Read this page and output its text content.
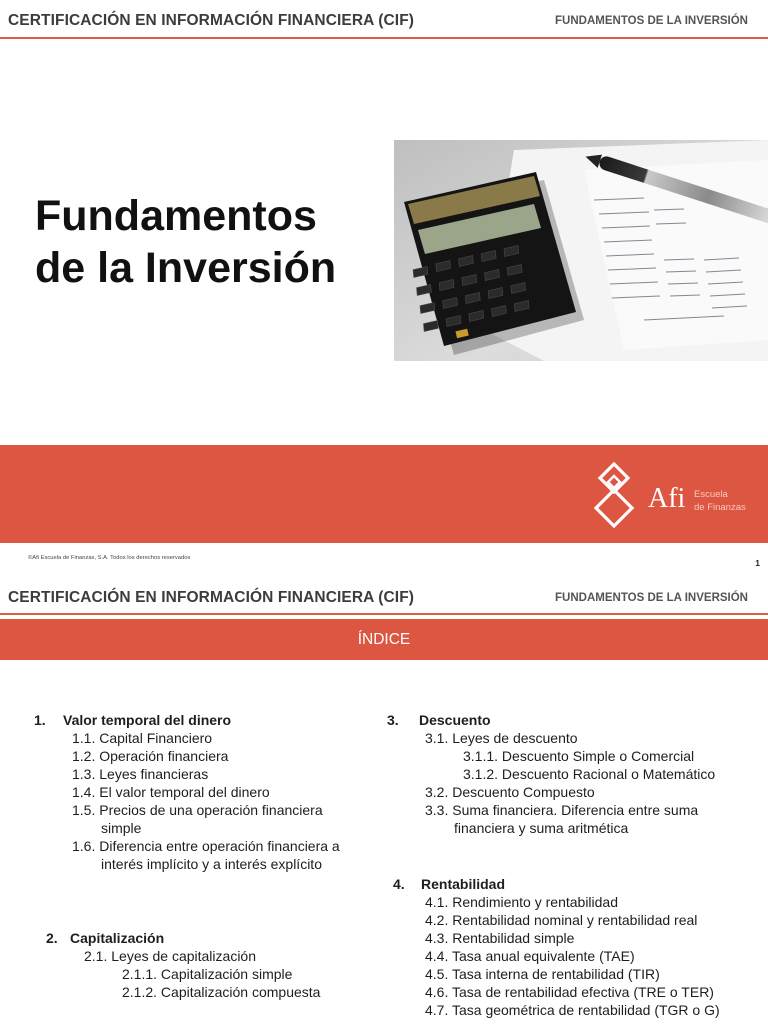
CERTIFICACIÓN EN INFORMACIÓN FINANCIERA (CIF)	FUNDAMENTOS DE LA INVERSIÓN
Fundamentos
de la Inversión
Afi Escuela
de Finanzas
©Afi Escuela de Finanzas, S.A. Todos los derechos reservados	1
CERTIFICACIÓN EN INFORMACIÓN FINANCIERA (CIF)	FUNDAMENTOS DE LA INVERSIÓN
ÍNDICE
1. Valor temporal del dinero
1.1. Capital Financiero
1.2. Operación financiera
1.3. Leyes financieras
1.4. El valor temporal del dinero
1.5. Precios de una operación financiera
simple
1.6. Diferencia entre operación financiera a
interés implícito y a interés explícito
2. Capitalización
2.1. Leyes de capitalización
2.1.1. Capitalización simple
2.1.2. Capitalización compuesta
3. Descuento
3.1. Leyes de descuento
3.1.1. Descuento Simple o Comercial
3.1.2. Descuento Racional o Matemático
3.2. Descuento Compuesto
3.3. Suma financiera. Diferencia entre suma
financiera y suma aritmética
4. Rentabilidad
4.1. Rendimiento y rentabilidad
4.2. Rentabilidad nominal y rentabilidad real
4.3. Rentabilidad simple
4.4. Tasa anual equivalente (TAE)
4.5. Tasa interna de rentabilidad (TIR)
4.6. Tasa de rentabilidad efectiva (TRE o TER)
4.7. Tasa geométrica de rentabilidad (TGR o G)
